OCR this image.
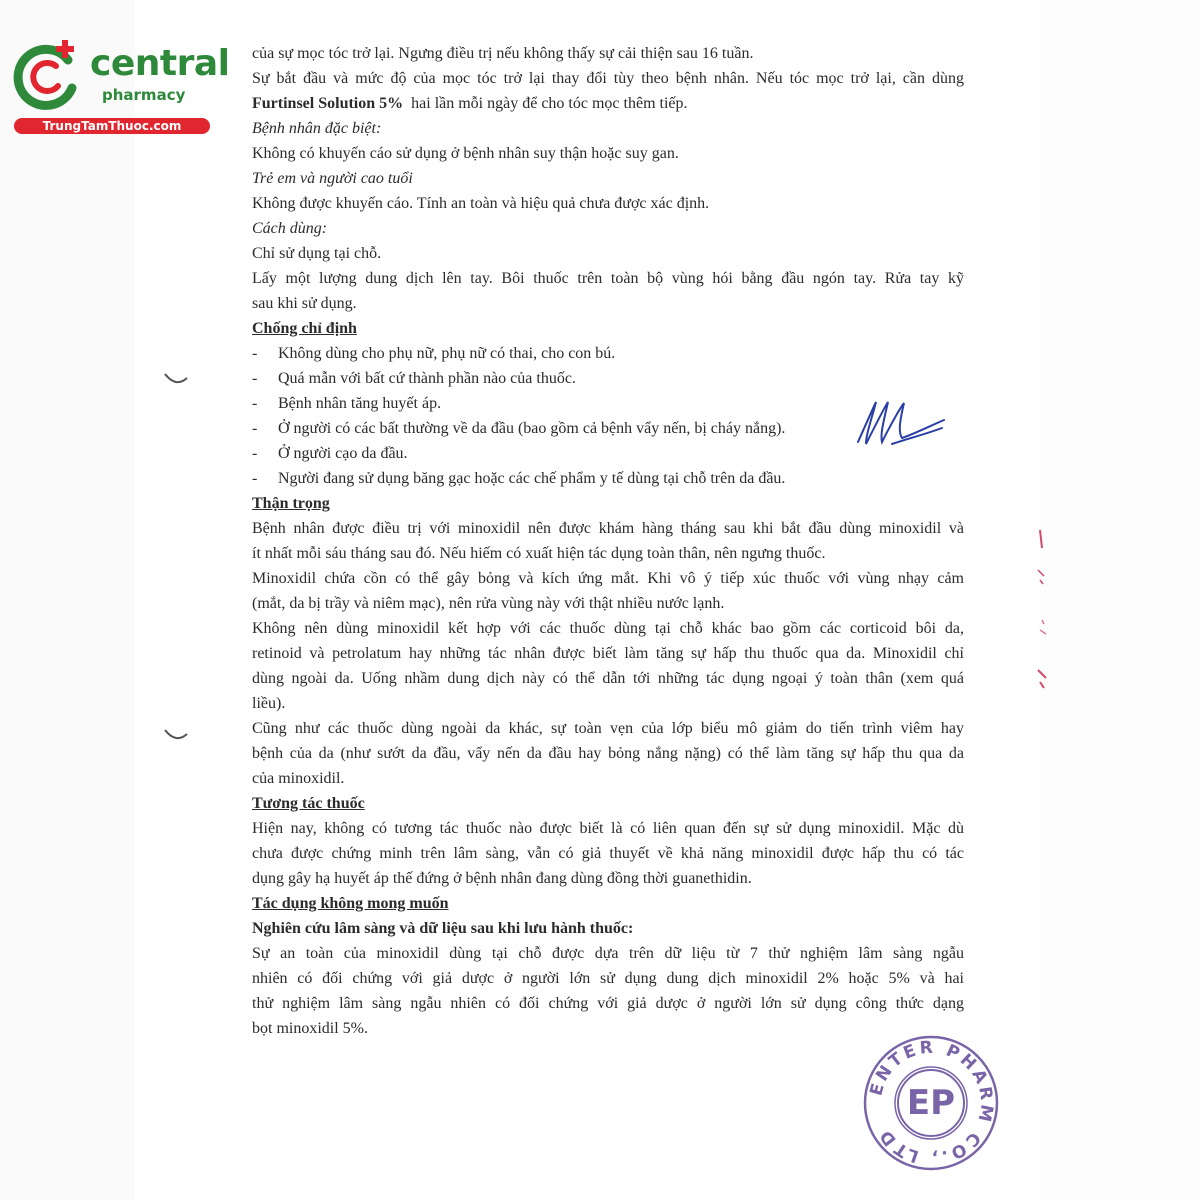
central
pharmacy
TrungTamThuoc.com
của sự mọc tóc trở lại. Ngưng điều trị nếu không thấy sự cải thiện sau 16 tuần.
Sự bắt đầu và mức độ của mọc tóc trở lại thay đổi tùy theo bệnh nhân. Nếu tóc mọc trở lại, cần dùng
Furtinsel Solution 5%  hai lần mỗi ngày để cho tóc mọc thêm tiếp.
Bệnh nhân đặc biệt:
Không có khuyến cáo sử dụng ở bệnh nhân suy thận hoặc suy gan.
Trẻ em và người cao tuổi
Không được khuyến cáo. Tính an toàn và hiệu quả chưa được xác định.
Cách dùng:
Chỉ sử dụng tại chỗ.
Lấy một lượng dung dịch lên tay. Bôi thuốc trên toàn bộ vùng hói bằng đầu ngón tay. Rửa tay kỹ
sau khi sử dụng.
Chống chỉ định
- Không dùng cho phụ nữ, phụ nữ có thai, cho con bú.
- Quá mẫn với bất cứ thành phần nào của thuốc.
- Bệnh nhân tăng huyết áp.
- Ở người có các bất thường về da đầu (bao gồm cả bệnh vẩy nến, bị cháy nắng).
- Ở người cạo da đầu.
- Người đang sử dụng băng gạc hoặc các chế phẩm y tế dùng tại chỗ trên da đầu.
Thận trọng
Bệnh nhân được điều trị với minoxidil nên được khám hàng tháng sau khi bắt đầu dùng minoxidil và
ít nhất mỗi sáu tháng sau đó. Nếu hiếm có xuất hiện tác dụng toàn thân, nên ngưng thuốc.
Minoxidil chứa cồn có thể gây bỏng và kích ứng mắt. Khi vô ý tiếp xúc thuốc với vùng nhạy cảm
(mắt, da bị trầy và niêm mạc), nên rửa vùng này với thật nhiều nước lạnh.
Không nên dùng minoxidil kết hợp với các thuốc dùng tại chỗ khác bao gồm các corticoid bôi da,
retinoid và petrolatum hay những tác nhân được biết làm tăng sự hấp thu thuốc qua da. Minoxidil chỉ
dùng ngoài da. Uống nhầm dung dịch này có thể dẫn tới những tác dụng ngoại ý toàn thân (xem quá
liều).
Cũng như các thuốc dùng ngoài da khác, sự toàn vẹn của lớp biểu mô giảm do tiến trình viêm hay
bệnh của da (như sướt da đầu, vẩy nến da đầu hay bỏng nắng nặng) có thể làm tăng sự hấp thu qua da
của minoxidil.
Tương tác thuốc
Hiện nay, không có tương tác thuốc nào được biết là có liên quan đến sự sử dụng minoxidil. Mặc dù
chưa được chứng minh trên lâm sàng, vẫn có giả thuyết về khả năng minoxidil được hấp thu có tác
dụng gây hạ huyết áp thế đứng ở bệnh nhân đang dùng đồng thời guanethidin.
Tác dụng không mong muốn
Nghiên cứu lâm sàng và dữ liệu sau khi lưu hành thuốc:
Sự an toàn của minoxidil dùng tại chỗ được dựa trên dữ liệu từ 7 thử nghiệm lâm sàng ngẫu
nhiên có đối chứng với giả dược ở người lớn sử dụng dung dịch minoxidil 2% hoặc 5% và hai
thử nghiệm lâm sàng ngẫu nhiên có đối chứng với giả dược ở người lớn sử dụng công thức dạng
bọt minoxidil 5%.
ENTER PHARM CO., LTD
EP
